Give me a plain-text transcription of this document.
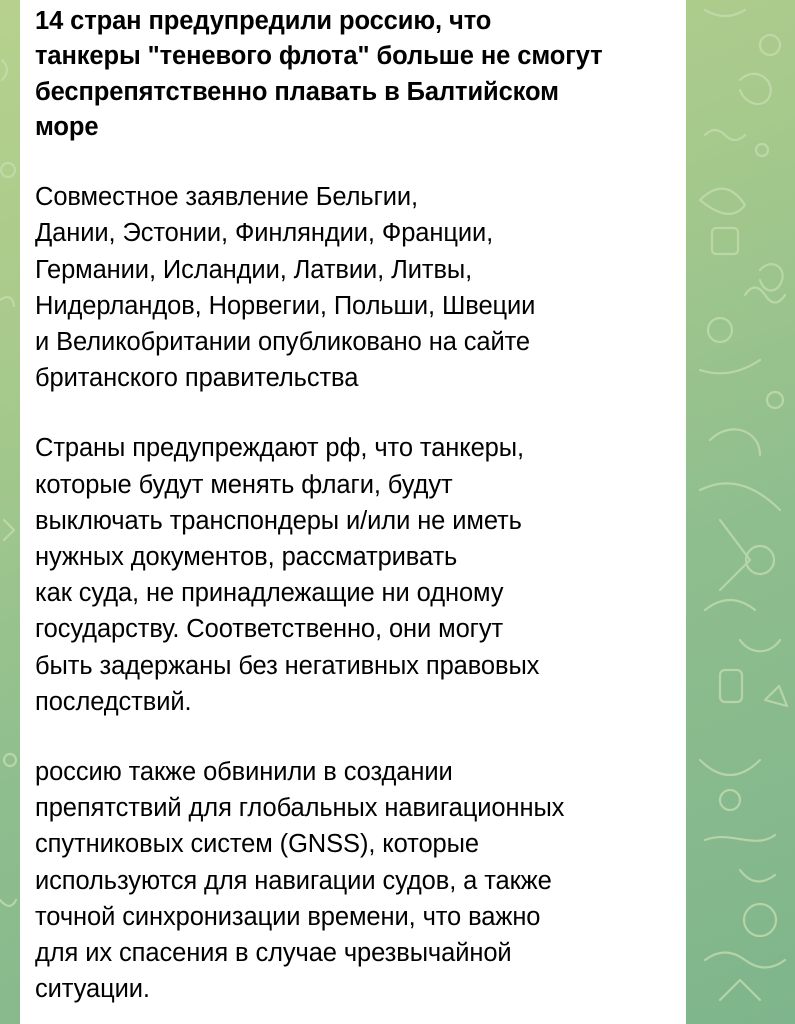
14 стран предупредили россию, что
танкеры "теневого флота" больше не смогут
беспрепятственно плавать в Балтийском
море

Совместное заявление Бельгии,
Дании, Эстонии, Финляндии, Франции,
Германии, Исландии, Латвии, Литвы,
Нидерландов, Норвегии, Польши, Швеции
и Великобритании опубликовано на сайте
британского правительства

Страны предупреждают рф, что танкеры,
которые будут менять флаги, будут
выключать транспондеры и/или не иметь
нужных документов, рассматривать
как суда, не принадлежащие ни одному
государству. Соответственно, они могут
быть задержаны без негативных правовых
последствий.

россию также обвинили в создании
препятствий для глобальных навигационных
спутниковых систем (GNSS), которые
используются для навигации судов, а также
точной синхронизации времени, что важно
для их спасения в случае чрезвычайной
ситуации.
